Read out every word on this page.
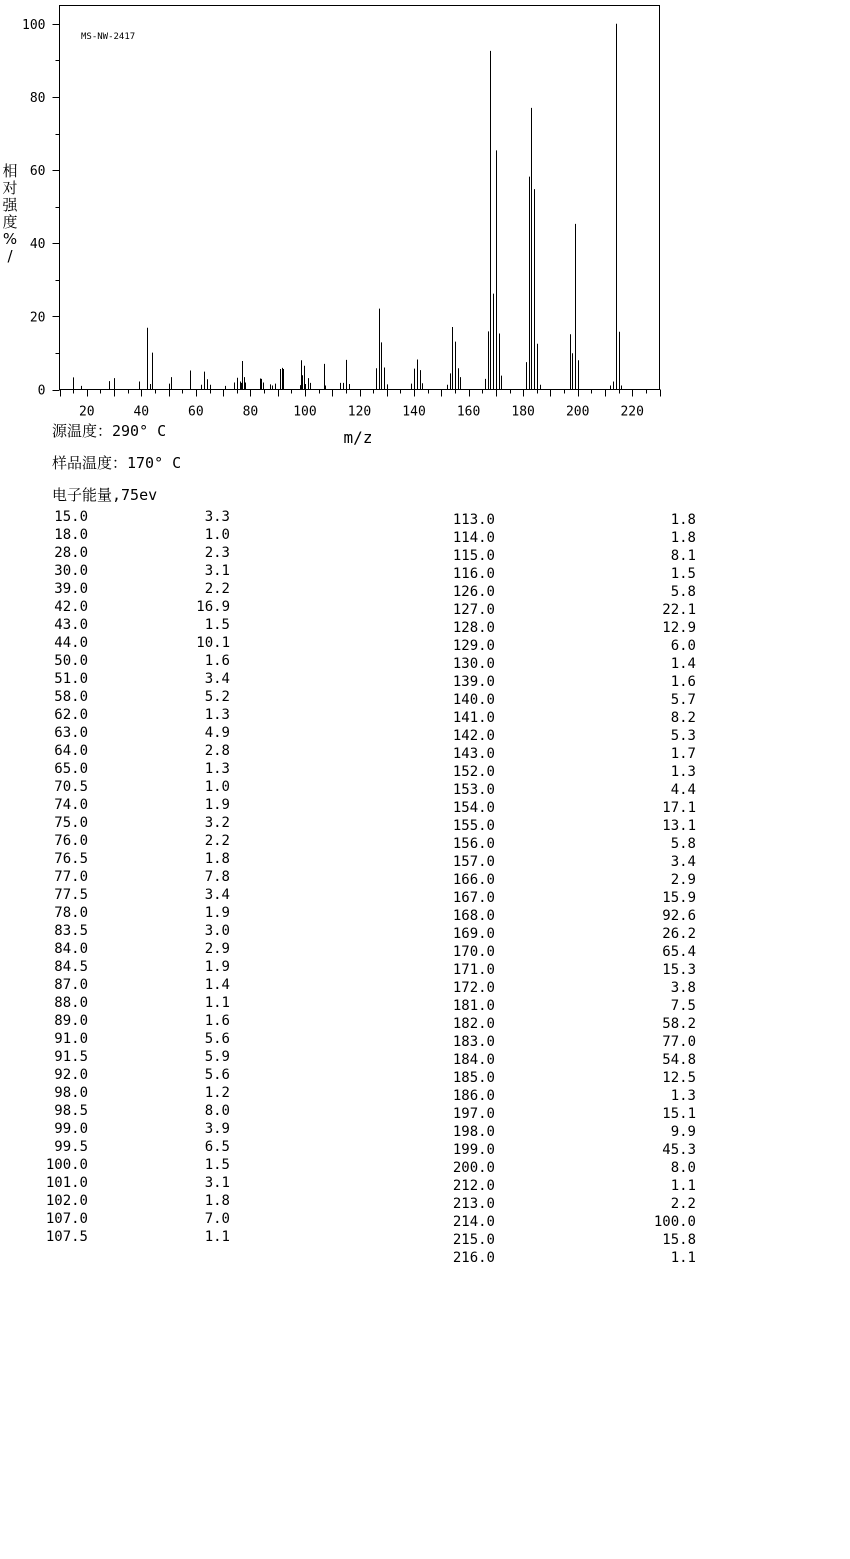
MS-NW-2417
0
20
40
60
80
100
20	40	60	80	100 120 140 160 180 200 220
相
对
强
度
%
/
m/z
源温度：290° C
样品温度：170° C
电子能量,75ev
15.0	3.3
18.0	1.0
28.0	2.3
30.0	3.1
39.0	2.2
42.0	16.9
43.0	1.5
44.0	10.1
50.0	1.6
51.0	3.4
58.0	5.2
62.0	1.3
63.0	4.9
64.0	2.8
65.0	1.3
70.5	1.0
74.0	1.9
75.0	3.2
76.0	2.2
76.5	1.8
77.0	7.8
77.5	3.4
78.0	1.9
83.5	3.0
84.0	2.9
84.5	1.9
87.0	1.4
88.0	1.1
89.0	1.6
91.0	5.6
91.5	5.9
92.0	5.6
98.0	1.2
98.5	8.0
99.0	3.9
99.5	6.5
100.0	1.5
101.0	3.1
102.0	1.8
107.0	7.0
107.5	1.1
113.0	1.8
114.0	1.8
115.0	8.1
116.0	1.5
126.0	5.8
127.0	22.1
128.0	12.9
129.0	6.0
130.0	1.4
139.0	1.6
140.0	5.7
141.0	8.2
142.0	5.3
143.0	1.7
152.0	1.3
153.0	4.4
154.0	17.1
155.0	13.1
156.0	5.8
157.0	3.4
166.0	2.9
167.0	15.9
168.0	92.6
169.0	26.2
170.0	65.4
171.0	15.3
172.0	3.8
181.0	7.5
182.0	58.2
183.0	77.0
184.0	54.8
185.0	12.5
186.0	1.3
197.0	15.1
198.0	9.9
199.0	45.3
200.0	8.0
212.0	1.1
213.0	2.2
214.0	100.0
215.0	15.8
216.0	1.1
